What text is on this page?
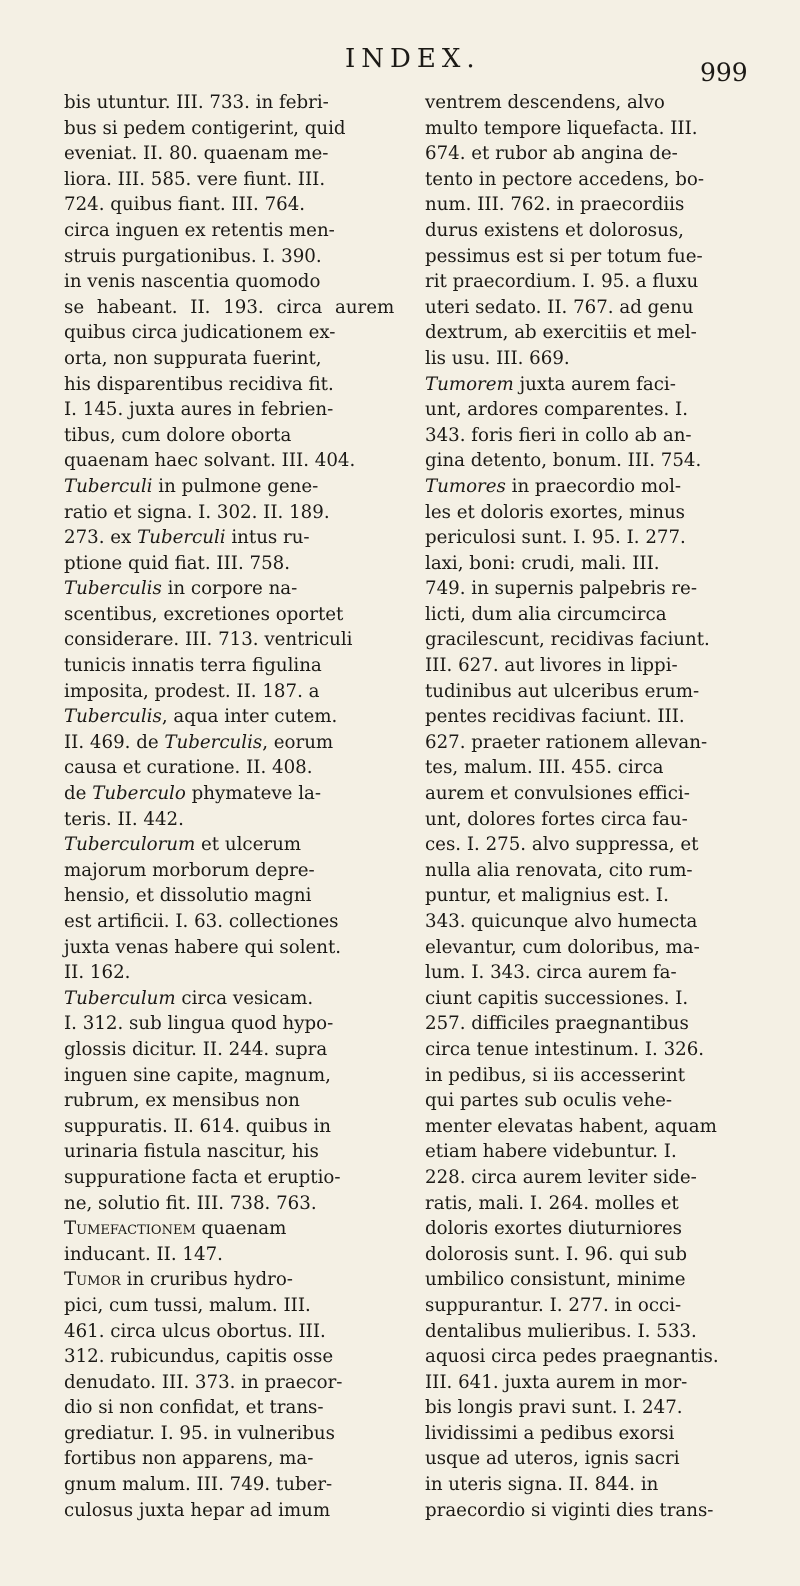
INDEX.	999
bis utuntur. III. 733. in febri-
bus si pedem contigerint, quid
eveniat. II. 80. quaenam me-
liora. III. 585. vere fiunt. III.
724. quibus fiant. III. 764.
circa inguen ex retentis men-
struis purgationibus. I. 390.
in venis nascentia quomodo
se habeant. II. 193. circa aurem
quibus circa judicationem ex-
orta, non suppurata fuerint,
his disparentibus recidiva fit.
I. 145. juxta aures in febrien-
tibus, cum dolore oborta
quaenam haec solvant. III. 404.
Tuberculi in pulmone gene-
ratio et signa. I. 302. II. 189.
273. ex Tuberculi intus ru-
ptione quid fiat. III. 758.
Tuberculis in corpore na-
scentibus, excretiones oportet
considerare. III. 713. ventriculi
tunicis innatis terra figulina
imposita, prodest. II. 187. a
Tuberculis, aqua inter cutem.
II. 469. de Tuberculis, eorum
causa et curatione. II. 408.
de Tuberculo phymateve la-
teris. II. 442.
Tuberculorum et ulcerum
majorum morborum depre-
hensio, et dissolutio magni
est artificii. I. 63. collectiones
juxta venas habere qui solent.
II. 162.
Tuberculum circa vesicam.
I. 312. sub lingua quod hypo-
glossis dicitur. II. 244. supra
inguen sine capite, magnum,
rubrum, ex mensibus non
suppuratis. II. 614. quibus in
urinaria fistula nascitur, his
suppuratione facta et eruptio-
ne, solutio fit. III. 738. 763.
Tumefactionem quaenam
inducant. II. 147.
Tumor in cruribus hydro-
pici, cum tussi, malum. III.
461. circa ulcus obortus. III.
312. rubicundus, capitis osse
denudato. III. 373. in praecor-
dio si non confidat, et trans-
grediatur. I. 95. in vulneribus
fortibus non apparens, ma-
gnum malum. III. 749. tuber-
culosus juxta hepar ad imum
ventrem descendens, alvo
multo tempore liquefacta. III.
674. et rubor ab angina de-
tento in pectore accedens, bo-
num. III. 762. in praecordiis
durus existens et dolorosus,
pessimus est si per totum fue-
rit praecordium. I. 95. a fluxu
uteri sedato. II. 767. ad genu
dextrum, ab exercitiis et mel-
lis usu. III. 669.
Tumorem juxta aurem faci-
unt, ardores comparentes. I.
343. foris fieri in collo ab an-
gina detento, bonum. III. 754.
Tumores in praecordio mol-
les et doloris exortes, minus
periculosi sunt. I. 95. I. 277.
laxi, boni: crudi, mali. III.
749. in supernis palpebris re-
licti, dum alia circumcirca
gracilescunt, recidivas faciunt.
III. 627. aut livores in lippi-
tudinibus aut ulceribus erum-
pentes recidivas faciunt. III.
627. praeter rationem allevan-
tes, malum. III. 455. circa
aurem et convulsiones effici-
unt, dolores fortes circa fau-
ces. I. 275. alvo suppressa, et
nulla alia renovata, cito rum-
puntur, et malignius est. I.
343. quicunque alvo humecta
elevantur, cum doloribus, ma-
lum. I. 343. circa aurem fa-
ciunt capitis successiones. I.
257. difficiles praegnantibus
circa tenue intestinum. I. 326.
in pedibus, si iis accesserint
qui partes sub oculis vehe-
menter elevatas habent, aquam
etiam habere videbuntur. I.
228. circa aurem leviter side-
ratis, mali. I. 264. molles et
doloris exortes diuturniores
dolorosis sunt. I. 96. qui sub
umbilico consistunt, minime
suppurantur. I. 277. in occi-
dentalibus mulieribus. I. 533.
aquosi circa pedes praegnantis.
III. 641. juxta aurem in mor-
bis longis pravi sunt. I. 247.
lividissimi a pedibus exorsi
usque ad uteros, ignis sacri
in uteris signa. II. 844. in
praecordio si viginti dies trans-
